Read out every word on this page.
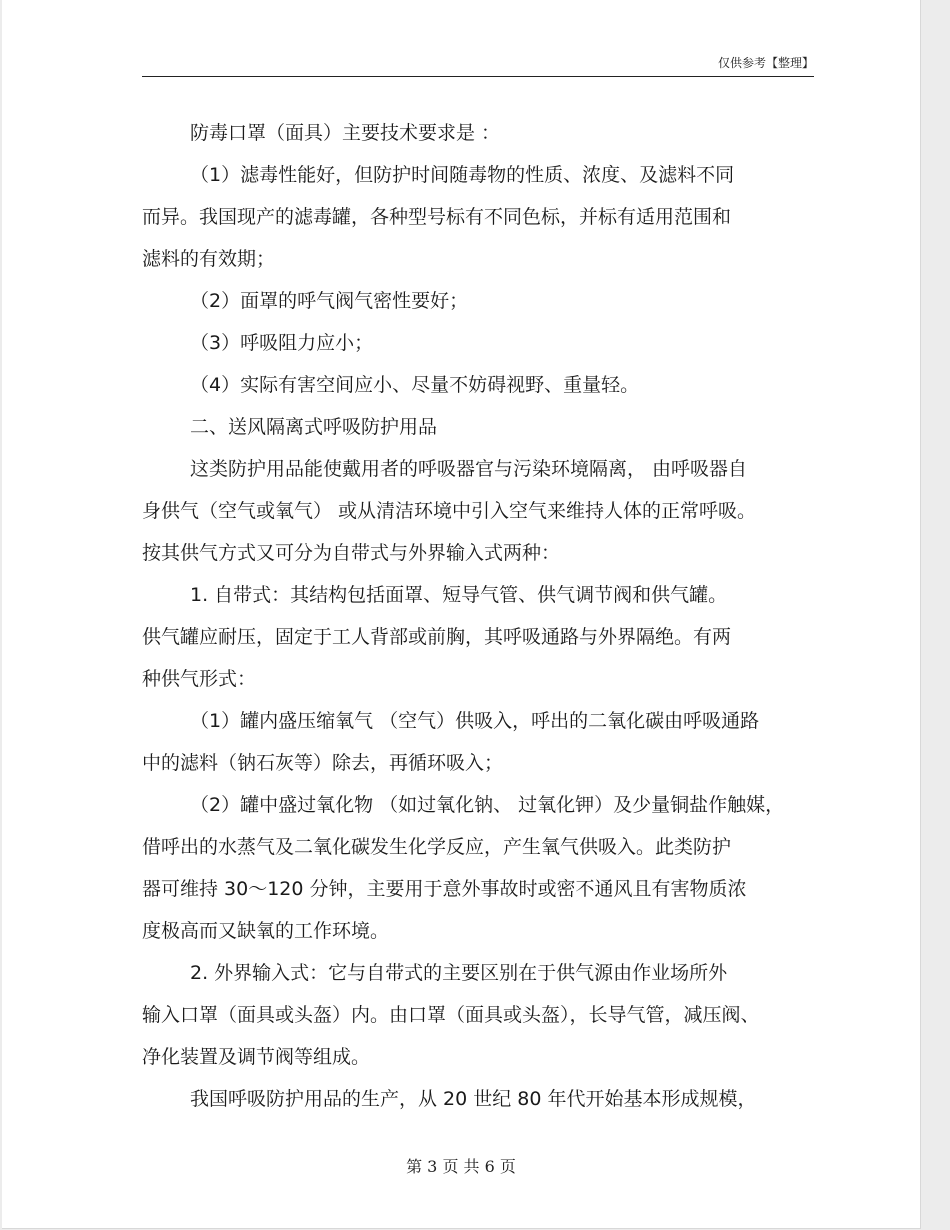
仅供参考【整理】
防毒口罩（面具）主要技术要求是 ：
（1）滤毒性能好，但防护时间随毒物的性质、浓度、及滤料不同
而异。我国现产的滤毒罐，各种型号标有不同色标，并标有适用范围和
滤料的有效期；
（2）面罩的呼气阀气密性要好；
（3）呼吸阻力应小；
（4）实际有害空间应小、尽量不妨碍视野、重量轻。
二、送风隔离式呼吸防护用品
这类防护用品能使戴用者的呼吸器官与污染环境隔离， 由呼吸器自
身供气（空气或氧气） 或从清洁环境中引入空气来维持人体的正常呼吸。
按其供气方式又可分为自带式与外界输入式两种：
1. 自带式：其结构包括面罩、短导气管、供气调节阀和供气罐。
供气罐应耐压，固定于工人背部或前胸，其呼吸通路与外界隔绝。有两
种供气形式：
（1）罐内盛压缩氧气 （空气）供吸入，呼出的二氧化碳由呼吸通路
中的滤料（钠石灰等）除去，再循环吸入；
（2）罐中盛过氧化物 （如过氧化钠、 过氧化钾）及少量铜盐作触媒，
借呼出的水蒸气及二氧化碳发生化学反应，产生氧气供吸入。此类防护
器可维持 30～120 分钟，主要用于意外事故时或密不通风且有害物质浓
度极高而又缺氧的工作环境。
2. 外界输入式：它与自带式的主要区别在于供气源由作业场所外
输入口罩（面具或头盔）内。由口罩（面具或头盔），长导气管，减压阀、
净化装置及调节阀等组成。
我国呼吸防护用品的生产，从 20 世纪 80 年代开始基本形成规模，
第 3 页 共 6 页
